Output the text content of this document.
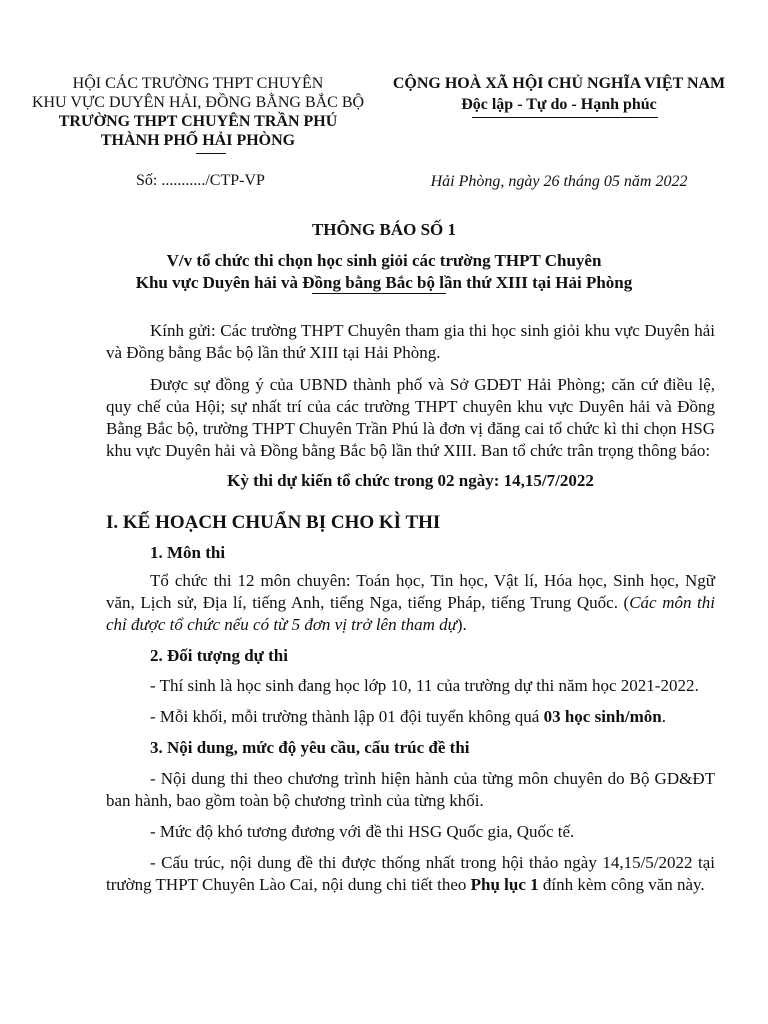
HỘI CÁC TRƯỜNG THPT CHUYÊN
KHU VỰC DUYÊN HẢI, ĐỒNG BẰNG BẮC BỘ
TRƯỜNG THPT CHUYÊN TRẦN PHÚ
THÀNH PHỐ HẢI PHÒNG
Số: .........../CTP-VP
CỘNG HOÀ XÃ HỘI CHỦ NGHĨA VIỆT NAM
Độc lập - Tự do - Hạnh phúc
Hải Phòng, ngày 26 tháng 05 năm 2022
THÔNG BÁO SỐ 1
V/v tổ chức thi chọn học sinh giỏi các trường THPT Chuyên
Khu vực Duyên hải và Đồng bằng Bắc bộ lần thứ XIII tại Hải Phòng
Kính gửi: Các trường THPT Chuyên tham gia thi học sinh giỏi khu vực Duyên hải và Đồng bằng Bắc bộ lần thứ XIII tại Hải Phòng.
Được sự đồng ý của UBND thành phố và Sở GDĐT Hải Phòng; căn cứ điều lệ, quy chế của Hội; sự nhất trí của các trường THPT chuyên khu vực Duyên hải và Đồng Bằng Bắc bộ, trường THPT Chuyên Trần Phú là đơn vị đăng cai tổ chức kì thi chọn HSG khu vực Duyên hải và Đồng bằng Bắc bộ lần thứ XIII. Ban tổ chức trân trọng thông báo:
Kỳ thi dự kiến tổ chức trong 02 ngày: 14,15/7/2022
I. KẾ HOẠCH CHUẨN BỊ CHO KÌ THI
1. Môn thi
Tổ chức thi 12 môn chuyên: Toán học, Tin học, Vật lí, Hóa học, Sinh học, Ngữ văn, Lịch sử, Địa lí, tiếng Anh, tiếng Nga, tiếng Pháp, tiếng Trung Quốc. (Các môn thi chỉ được tổ chức nếu có từ 5 đơn vị trở lên tham dự).
2. Đối tượng dự thi
- Thí sinh là học sinh đang học lớp 10, 11 của trường dự thi năm học 2021-2022.
- Mỗi khối, mỗi trường thành lập 01 đội tuyển không quá 03 học sinh/môn.
3. Nội dung, mức độ yêu cầu, cấu trúc đề thi
- Nội dung thi theo chương trình hiện hành của từng môn chuyên do Bộ GD&ĐT ban hành, bao gồm toàn bộ chương trình của từng khối.
- Mức độ khó tương đương với đề thi HSG Quốc gia, Quốc tế.
- Cấu trúc, nội dung đề thi được thống nhất trong hội thảo ngày 14,15/5/2022 tại trường THPT Chuyên Lào Cai, nội dung chi tiết theo Phụ lục 1 đính kèm công văn này.
